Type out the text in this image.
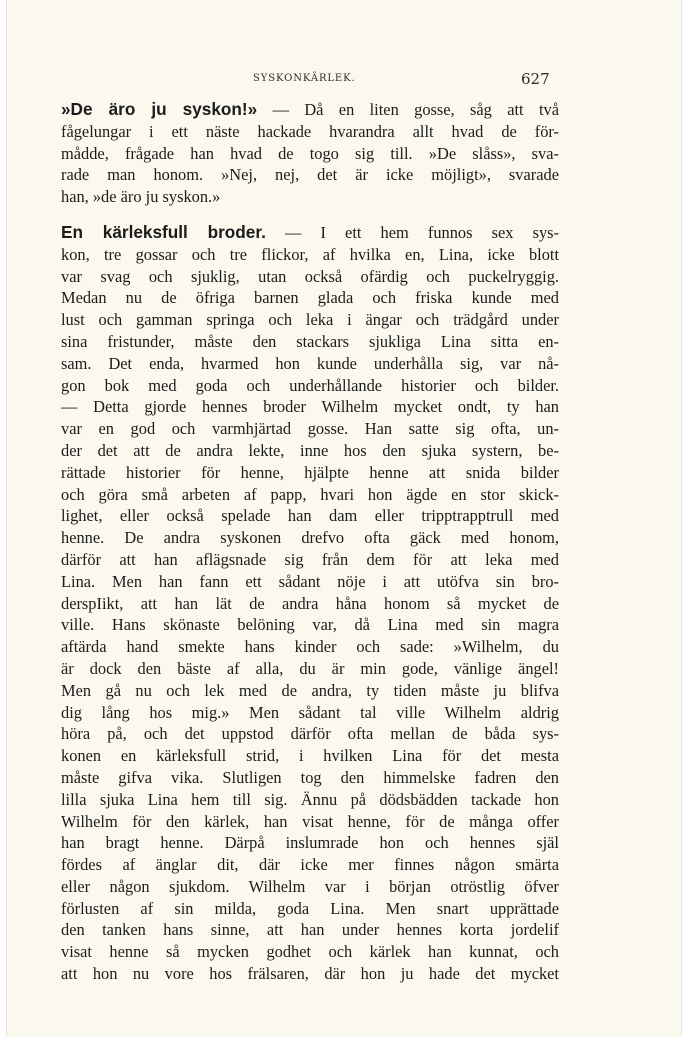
SYSKONKÄRLEK.	627
»De äro ju syskon!» — Då en liten gosse, såg att två
fågelungar i ett näste hackade hvarandra allt hvad de för-
mådde, frågade han hvad de togo sig till. »De slåss», sva-
rade man honom. »Nej, nej, det är icke möjligt», svarade
han, »de äro ju syskon.»
En kärleksfull broder. — I ett hem funnos sex sys-
kon, tre gossar och tre flickor, af hvilka en, Lina, icke blott
var svag och sjuklig, utan också ofärdig och puckelryggig.
Medan nu de öfriga barnen glada och friska kunde med
lust och gamman springa och leka i ängar och trädgård under
sina fristunder, måste den stackars sjukliga Lina sitta en-
sam. Det enda, hvarmed hon kunde underhålla sig, var nå-
gon bok med goda och underhållande historier och bilder.
— Detta gjorde hennes broder Wilhelm mycket ondt, ty han
var en god och varmhjärtad gosse. Han satte sig ofta, un-
der det att de andra lekte, inne hos den sjuka systern, be-
rättade historier för henne, hjälpte henne att snida bilder
och göra små arbeten af papp, hvari hon ägde en stor skick-
lighet, eller också spelade han dam eller tripptrapptrull med
henne. De andra syskonen drefvo ofta gäck med honom,
därför att han aflägsnade sig från dem för att leka med
Lina. Men han fann ett sådant nöje i att utöfva sin bro-
derspIikt, att han lät de andra håna honom så mycket de
ville. Hans skönaste belöning var, då Lina med sin magra
aftärda hand smekte hans kinder och sade: »Wilhelm, du
är dock den bäste af alla, du är min gode, vänlige ängel!
Men gå nu och lek med de andra, ty tiden måste ju blifva
dig lång hos mig.» Men sådant tal ville Wilhelm aldrig
höra på, och det uppstod därför ofta mellan de båda sys-
konen en kärleksfull strid, i hvilken Lina för det mesta
måste gifva vika. Slutligen tog den himmelske fadren den
lilla sjuka Lina hem till sig. Ännu på dödsbädden tackade hon
Wilhelm för den kärlek, han visat henne, för de många offer
han bragt henne. Därpå inslumrade hon och hennes själ
fördes af änglar dit, där icke mer finnes någon smärta
eller någon sjukdom. Wilhelm var i början otröstlig öfver
förlusten af sin milda, goda Lina. Men snart upprättade
den tanken hans sinne, att han under hennes korta jordelif
visat henne så mycken godhet och kärlek han kunnat, och
att hon nu vore hos frälsaren, där hon ju hade det mycket
